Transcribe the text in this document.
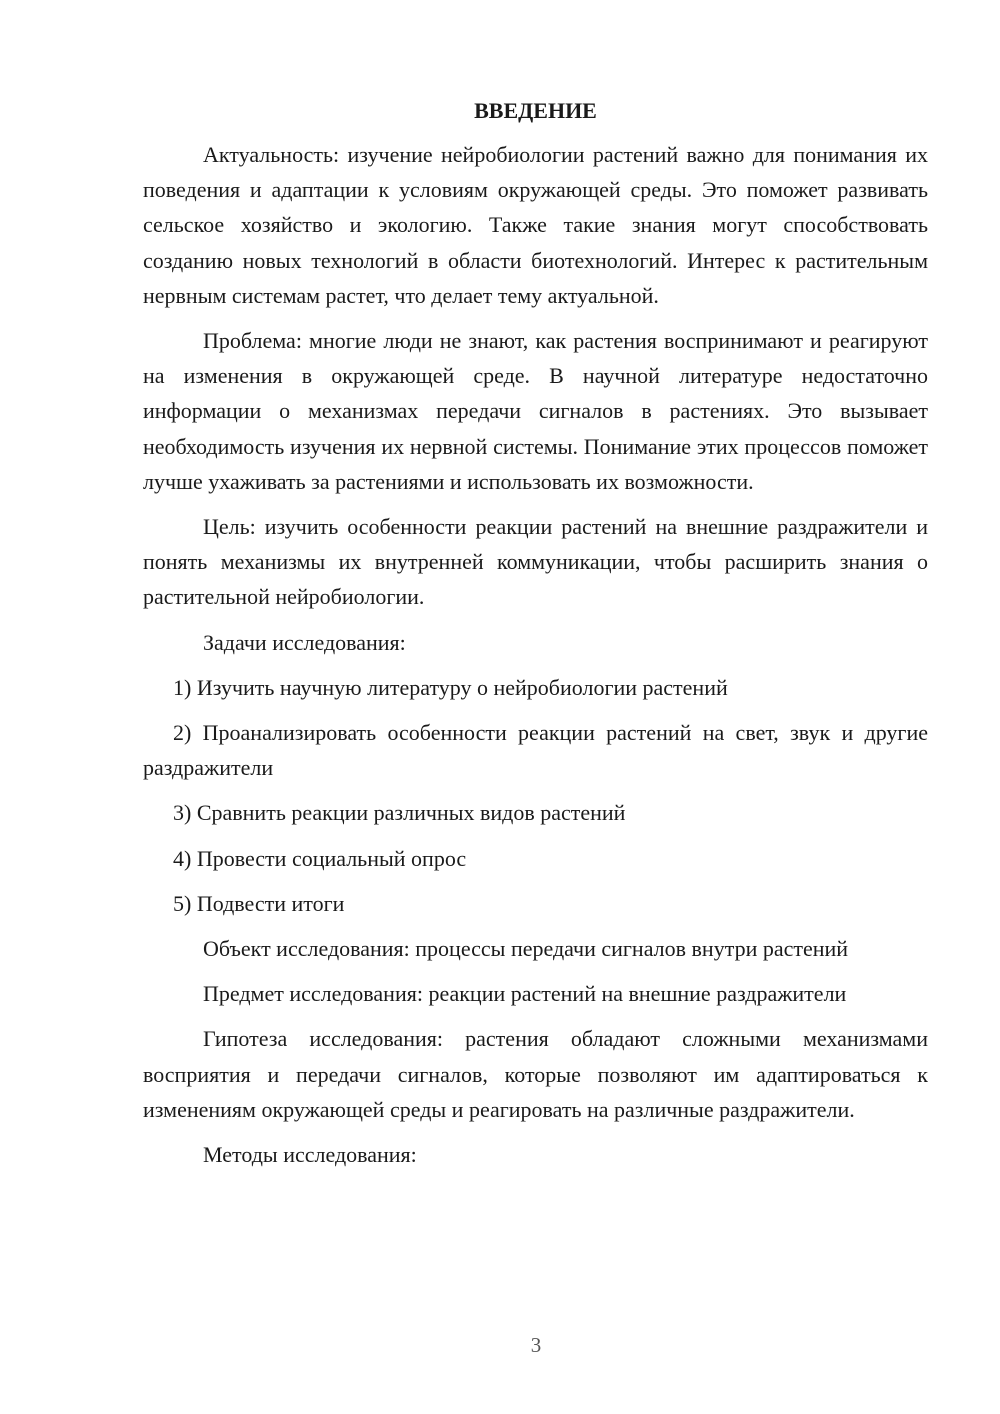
ВВЕДЕНИЕ

Актуальность: изучение нейробиологии растений важно для понимания их поведения и адаптации к условиям окружающей среды. Это поможет развивать сельское хозяйство и экологию. Также такие знания могут способствовать созданию новых технологий в области биотехнологий. Интерес к растительным нервным системам растет, что делает тему актуальной.

Проблема: многие люди не знают, как растения воспринимают и реагируют на изменения в окружающей среде. В научной литературе недостаточно информации о механизмах передачи сигналов в растениях. Это вызывает необходимость изучения их нервной системы. Понимание этих процессов поможет лучше ухаживать за растениями и использовать их возможности.

Цель: изучить особенности реакции растений на внешние раздражители и понять механизмы их внутренней коммуникации, чтобы расширить знания о растительной нейробиологии.

Задачи исследования:

1) Изучить научную литературу о нейробиологии растений

2) Проанализировать особенности реакции растений на свет, звук и другие раздражители

3) Сравнить реакции различных видов растений

4) Провести социальный опрос

5) Подвести итоги

Объект исследования: процессы передачи сигналов внутри растений

Предмет исследования: реакции растений на внешние раздражители

Гипотеза исследования: растения обладают сложными механизмами восприятия и передачи сигналов, которые позволяют им адаптироваться к изменениям окружающей среды и реагировать на различные раздражители.

Методы исследования:

3
